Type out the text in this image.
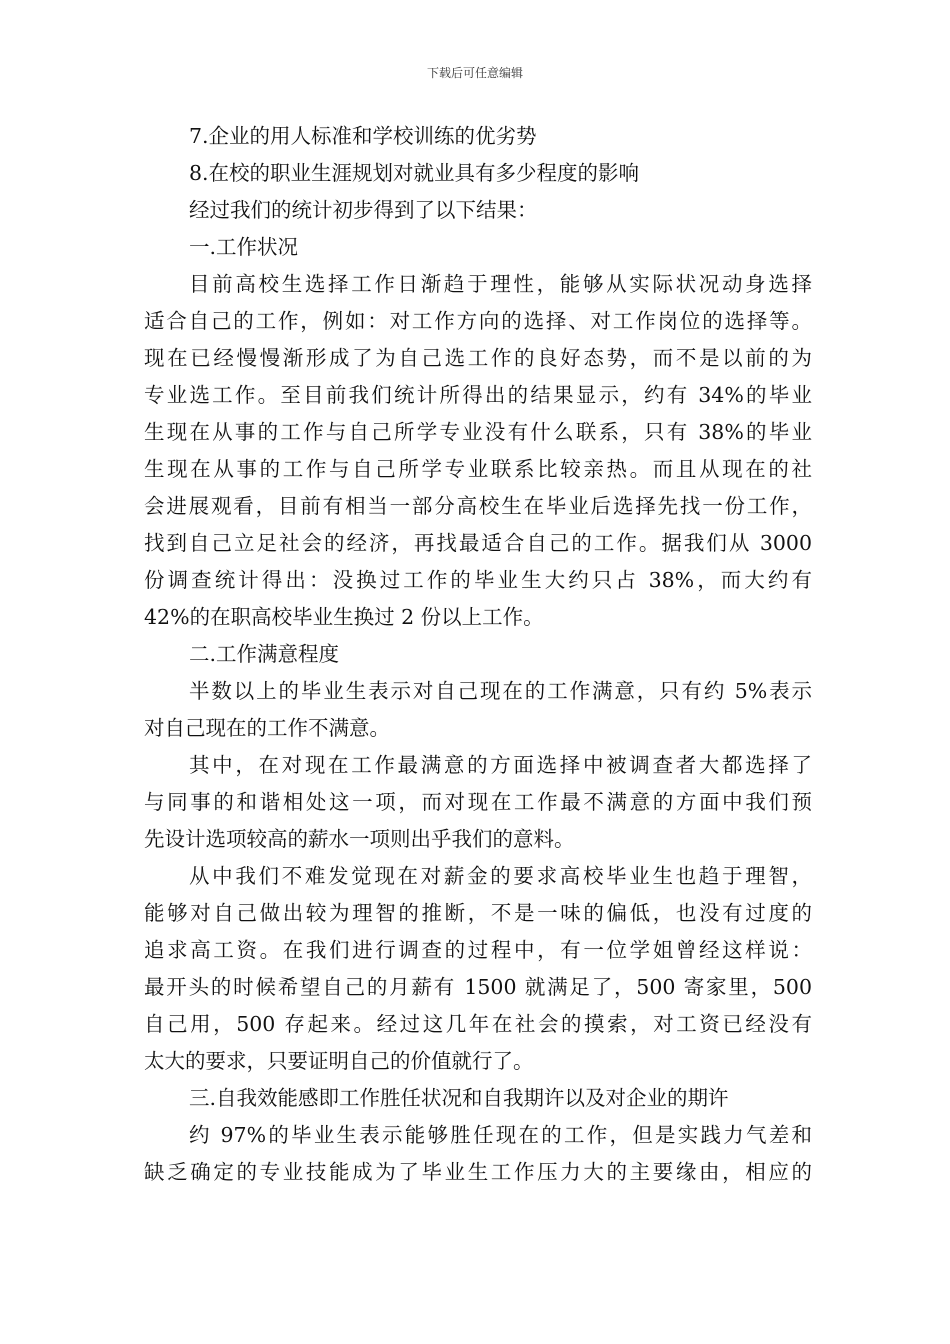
下载后可任意编辑
7.企业的用人标准和学校训练的优劣势
8.在校的职业生涯规划对就业具有多少程度的影响
经过我们的统计初步得到了以下结果：
一.工作状况
目前高校生选择工作日渐趋于理性，能够从实际状况动身选择
适合自己的工作，例如：对工作方向的选择、对工作岗位的选择等。
现在已经慢慢渐形成了为自己选工作的良好态势，而不是以前的为
专业选工作。至目前我们统计所得出的结果显示，约有 34%的毕业
生现在从事的工作与自己所学专业没有什么联系，只有 38%的毕业
生现在从事的工作与自己所学专业联系比较亲热。而且从现在的社
会进展观看，目前有相当一部分高校生在毕业后选择先找一份工作，
找到自己立足社会的经济，再找最适合自己的工作。据我们从 3000
份调查统计得出：没换过工作的毕业生大约只占 38%，而大约有
42%的在职高校毕业生换过 2 份以上工作。
二.工作满意程度
半数以上的毕业生表示对自己现在的工作满意，只有约 5%表示
对自己现在的工作不满意。
其中，在对现在工作最满意的方面选择中被调查者大都选择了
与同事的和谐相处这一项，而对现在工作最不满意的方面中我们预
先设计选项较高的薪水一项则出乎我们的意料。
从中我们不难发觉现在对薪金的要求高校毕业生也趋于理智，
能够对自己做出较为理智的推断，不是一味的偏低，也没有过度的
追求高工资。在我们进行调查的过程中，有一位学姐曾经这样说：
最开头的时候希望自己的月薪有 1500 就满足了，500 寄家里，500
自己用，500 存起来。经过这几年在社会的摸索，对工资已经没有
太大的要求，只要证明自己的价值就行了。
三.自我效能感即工作胜任状况和自我期许以及对企业的期许
约 97%的毕业生表示能够胜任现在的工作，但是实践力气差和
缺乏确定的专业技能成为了毕业生工作压力大的主要缘由，相应的
